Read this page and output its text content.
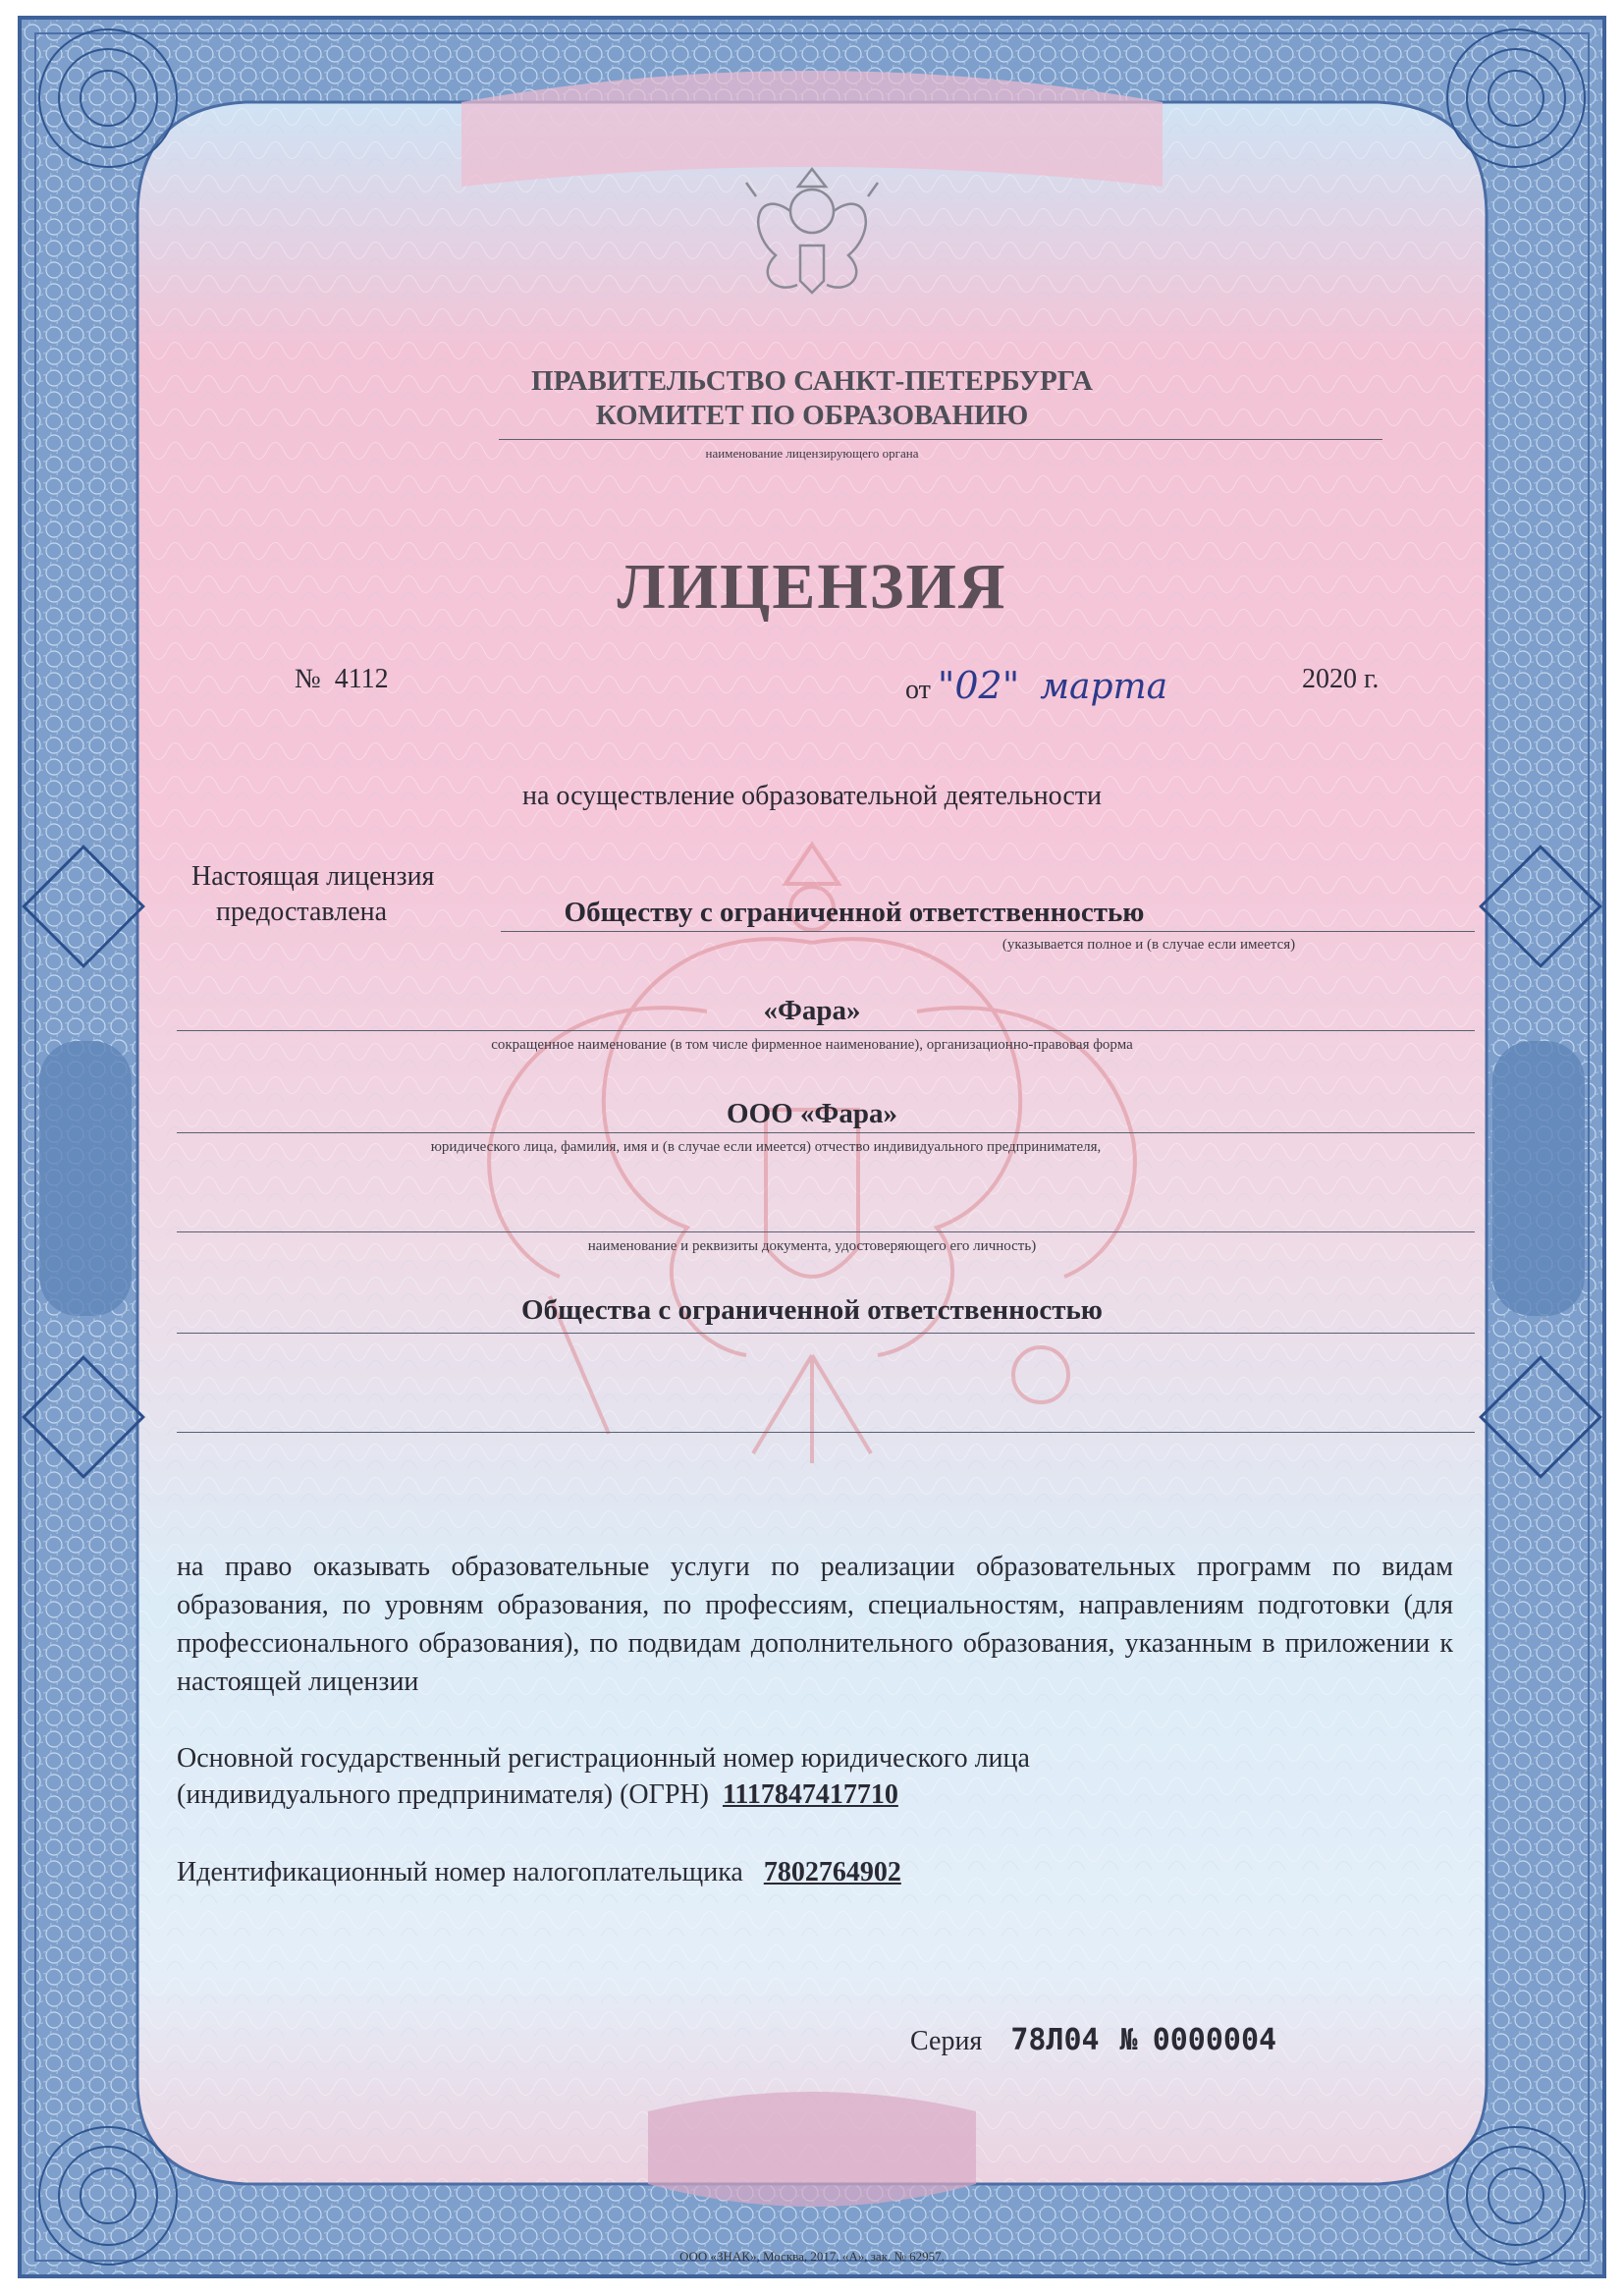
ПРАВИТЕЛЬСТВО САНКТ-ПЕТЕРБУРГА
КОМИТЕТ ПО ОБРАЗОВАНИЮ
наименование лицензирующего органа
ЛИЦЕНЗИЯ
№ 4112	от "02" марта	2020 г.
на осуществление образовательной деятельности
Настоящая лицензия
предоставлена	Обществу с ограниченной ответственностью
(указывается полное и (в случае если имеется)
«Фара»
сокращенное наименование (в том числе фирменное наименование), организационно-правовая форма
ООО «Фара»
юридического лица, фамилия, имя и (в случае если имеется) отчество индивидуального предпринимателя,
наименование и реквизиты документа, удостоверяющего его личность)
Общества с ограниченной ответственностью
на право оказывать образовательные услуги по реализации образовательных программ по видам образования, по уровням образования, по профессиям, специальностям, направлениям подготовки (для профессионального образования), по подвидам дополнительного образования, указанным в приложении к настоящей лицензии
Основной государственный регистрационный номер юридического лица
(индивидуального предпринимателя) (ОГРН) 1117847417710
Идентификационный номер налогоплательщика 7802764902
Серия 78Л04 № 0000004
ООО «ЗНАК», Москва, 2017, «А», зак. № 62957.
